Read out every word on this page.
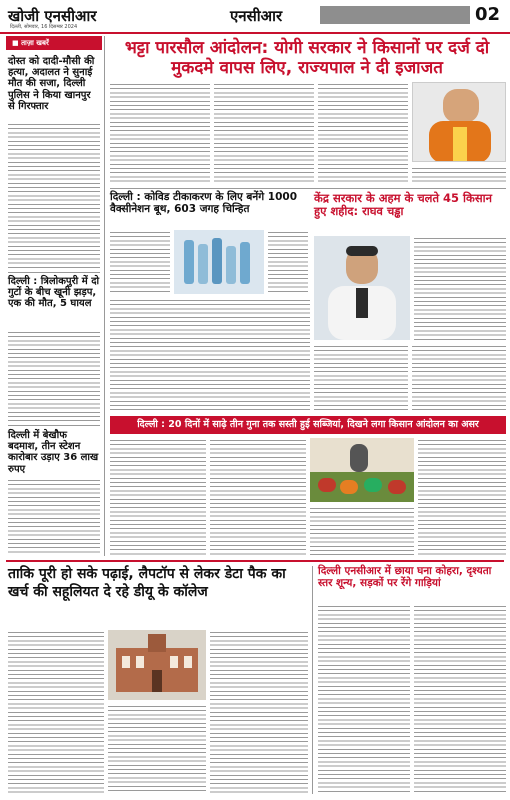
खोजी एनसीआर
दिल्ली, सोमवार, 16 दिसम्बर 2024
एनसीआर	02
■ ताज़ा खबरें
दोस्त को दादी-मौसी की हत्या, अदालत ने सुनाई मौत की सजा, दिल्ली पुलिस ने किया खानपुर से गिरफ्तार
दिल्ली : त्रिलोकपुरी में दो गुटों के बीच खूनी झड़प, एक की मौत, 5 घायल
दिल्ली में बेखौफ बदमाश, तीन स्टेशन कारोबार उड़ाए 36 लाख रुपए
भट्टा पारसौल आंदोलन: योगी सरकार ने किसानों पर दर्ज दो मुकदमे वापस लिए, राज्यपाल ने दी इजाजत
दिल्ली : कोविड टीकाकरण के लिए बनेंगे 1000 वैक्सीनेशन बूथ, 603 जगह चिन्हित
केंद्र सरकार के अहम के चलते 45 किसान हुए शहीद: राघव चड्ढा
दिल्ली : 20 दिनों में साढ़े तीन गुना तक सस्ती हुई सब्जियां, दिखने लगा किसान आंदोलन का असर
ताकि पूरी हो सके पढ़ाई, लैपटॉप से लेकर डेटा पैक का खर्च की सहूलियत दे रहे डीयू के कॉलेज
दिल्ली एनसीआर में छाया घना कोहरा, दृश्यता स्तर शून्य, सड़कों पर रेंगे गाड़ियां
